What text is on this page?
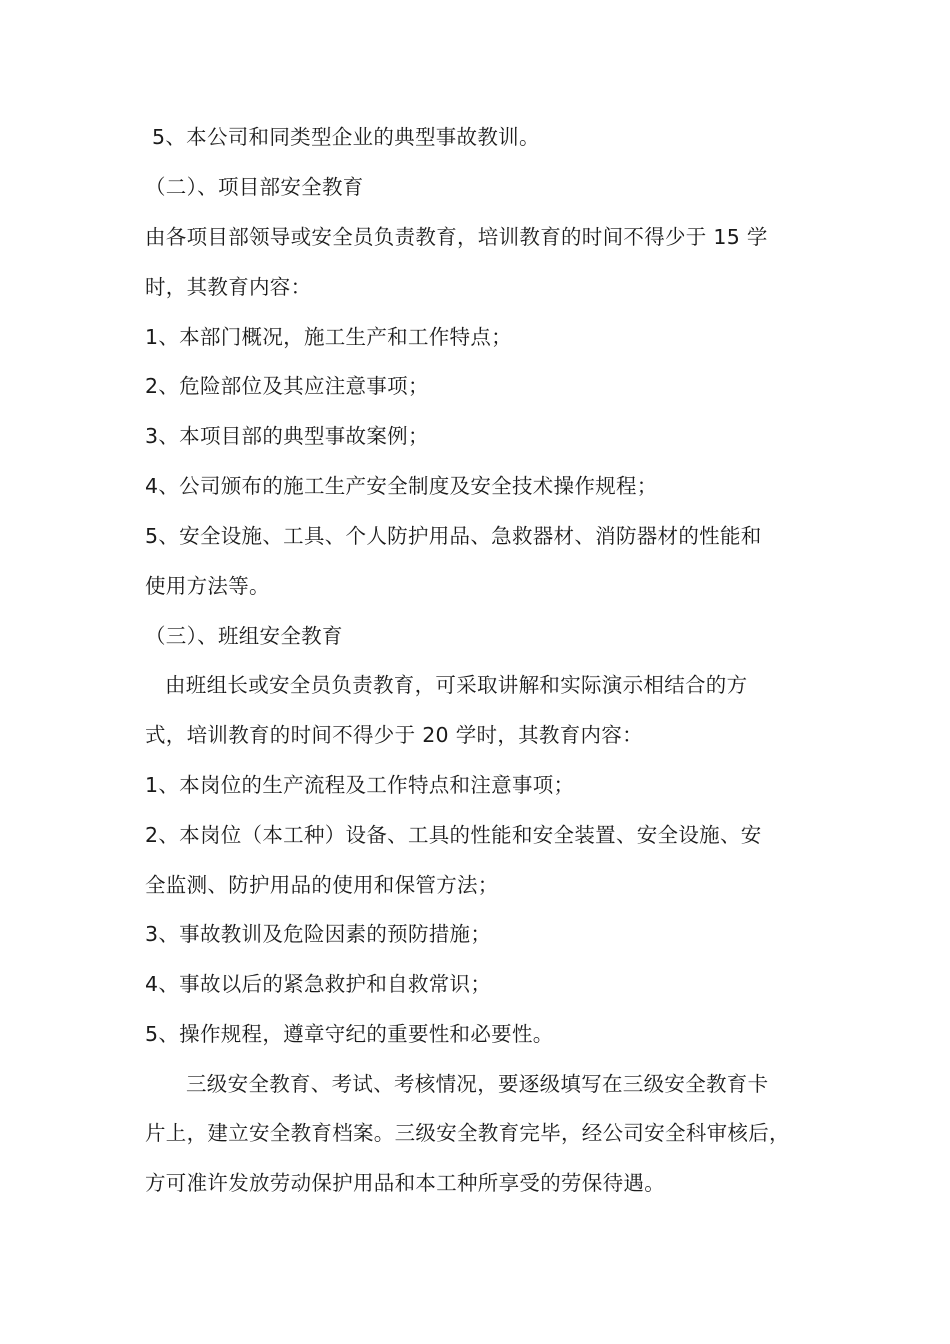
5、本公司和同类型企业的典型事故教训。
（二）、项目部安全教育
由各项目部领导或安全员负责教育，培训教育的时间不得少于 15 学
时，其教育内容：
1、本部门概况，施工生产和工作特点；
2、危险部位及其应注意事项；
3、本项目部的典型事故案例；
4、公司颁布的施工生产安全制度及安全技术操作规程；
5、安全设施、工具、个人防护用品、急救器材、消防器材的性能和
使用方法等。
（三）、班组安全教育
由班组长或安全员负责教育，可采取讲解和实际演示相结合的方
式，培训教育的时间不得少于 20 学时，其教育内容：
1、本岗位的生产流程及工作特点和注意事项；
2、本岗位（本工种）设备、工具的性能和安全装置、安全设施、安
全监测、防护用品的使用和保管方法；
3、事故教训及危险因素的预防措施；
4、事故以后的紧急救护和自救常识；
5、操作规程，遵章守纪的重要性和必要性。
三级安全教育、考试、考核情况，要逐级填写在三级安全教育卡
片上，建立安全教育档案。三级安全教育完毕，经公司安全科审核后，
方可准许发放劳动保护用品和本工种所享受的劳保待遇。
